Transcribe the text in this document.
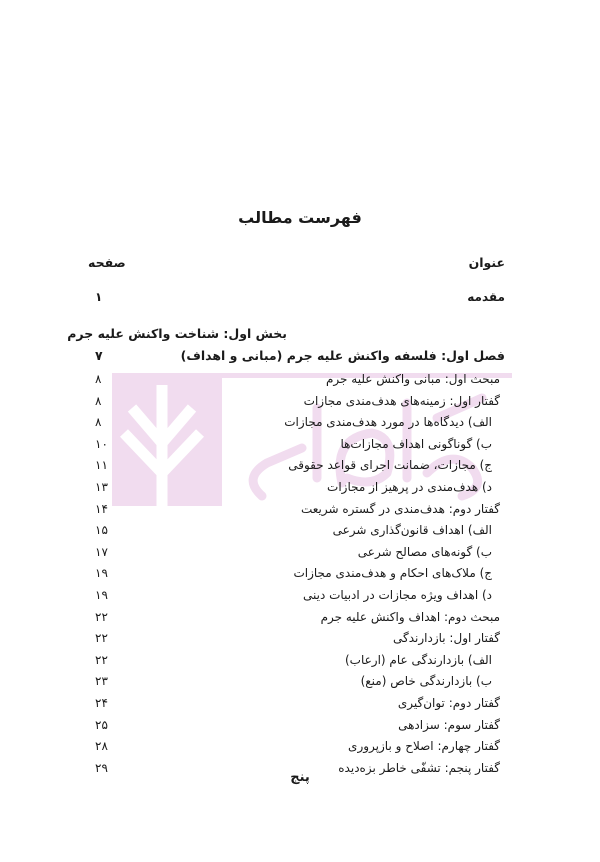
فهرست مطالب
عنوان
صفحه
مقدمه
۱
بخش اول: شناخت واکنش علیه جرم
فصل اول: فلسفه واکنش علیه جرم (مبانی و اهداف)
۷
مبحث اول: مبانی واکنش علیه جرم
۸
گفتار اول: زمینه‌های هدف‌مندی مجازات
۸
الف) دیدگاه‌ها در مورد هدف‌مندی مجازات
۸
ب) گوناگونی اهداف مجازات‌ها
۱۰
ج) مجازات، ضمانت اجرای قواعد حقوقی
۱۱
د) هدف‌مندی در پرهیز از مجازات
۱۳
گفتار دوم: هدف‌مندی در گستره شریعت
۱۴
الف) اهداف قانون‌گذاری شرعی
۱۵
ب) گونه‌های مصالح شرعی
۱۷
ج) ملاک‌های احکام و هدف‌مندی مجازات
۱۹
د) اهداف ویژه مجازات در ادبیات دینی
۱۹
مبحث دوم: اهداف واکنش علیه جرم
۲۲
گفتار اول: بازدارندگی
۲۲
الف) بازدارندگی عام (ارعاب)
۲۲
ب) بازدارندگی خاص (منع)
۲۳
گفتار دوم: توان‌گیری
۲۴
گفتار سوم: سزادهی
۲۵
گفتار چهارم: اصلاح و بازپروری
۲۸
گفتار پنجم: تشفّی خاطر بزه‌دیده
۲۹
پنج
